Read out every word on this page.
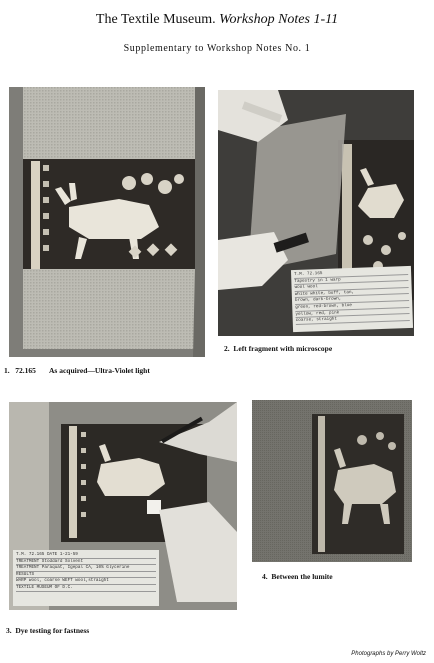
The Textile Museum. Workshop Notes 1-11
Supplementary to Workshop Notes No. 1
T.M. 72.165
Tapestry in 1 warp
wool wool
white white, buff, tan,
brown, dark-brown,
green, red-brown, blue
yellow, red, pink
coarse, straight
2. Left fragment with microscope
1. 72.165 As acquired—Ultra-Violet light
T.M. 72.165 DATE 1-21-59
TREATMENT Stoddard Solvent
TREATMENT Paraquat, Igepal CA, 10% Glycerine
RESULTS
WARP wool, coarse WEFT wool,straight
TEXTILE MUSEUM OF D.C.
4. Between the lumite
3. Dye testing for fastness
Photographs by Perry Woltz
